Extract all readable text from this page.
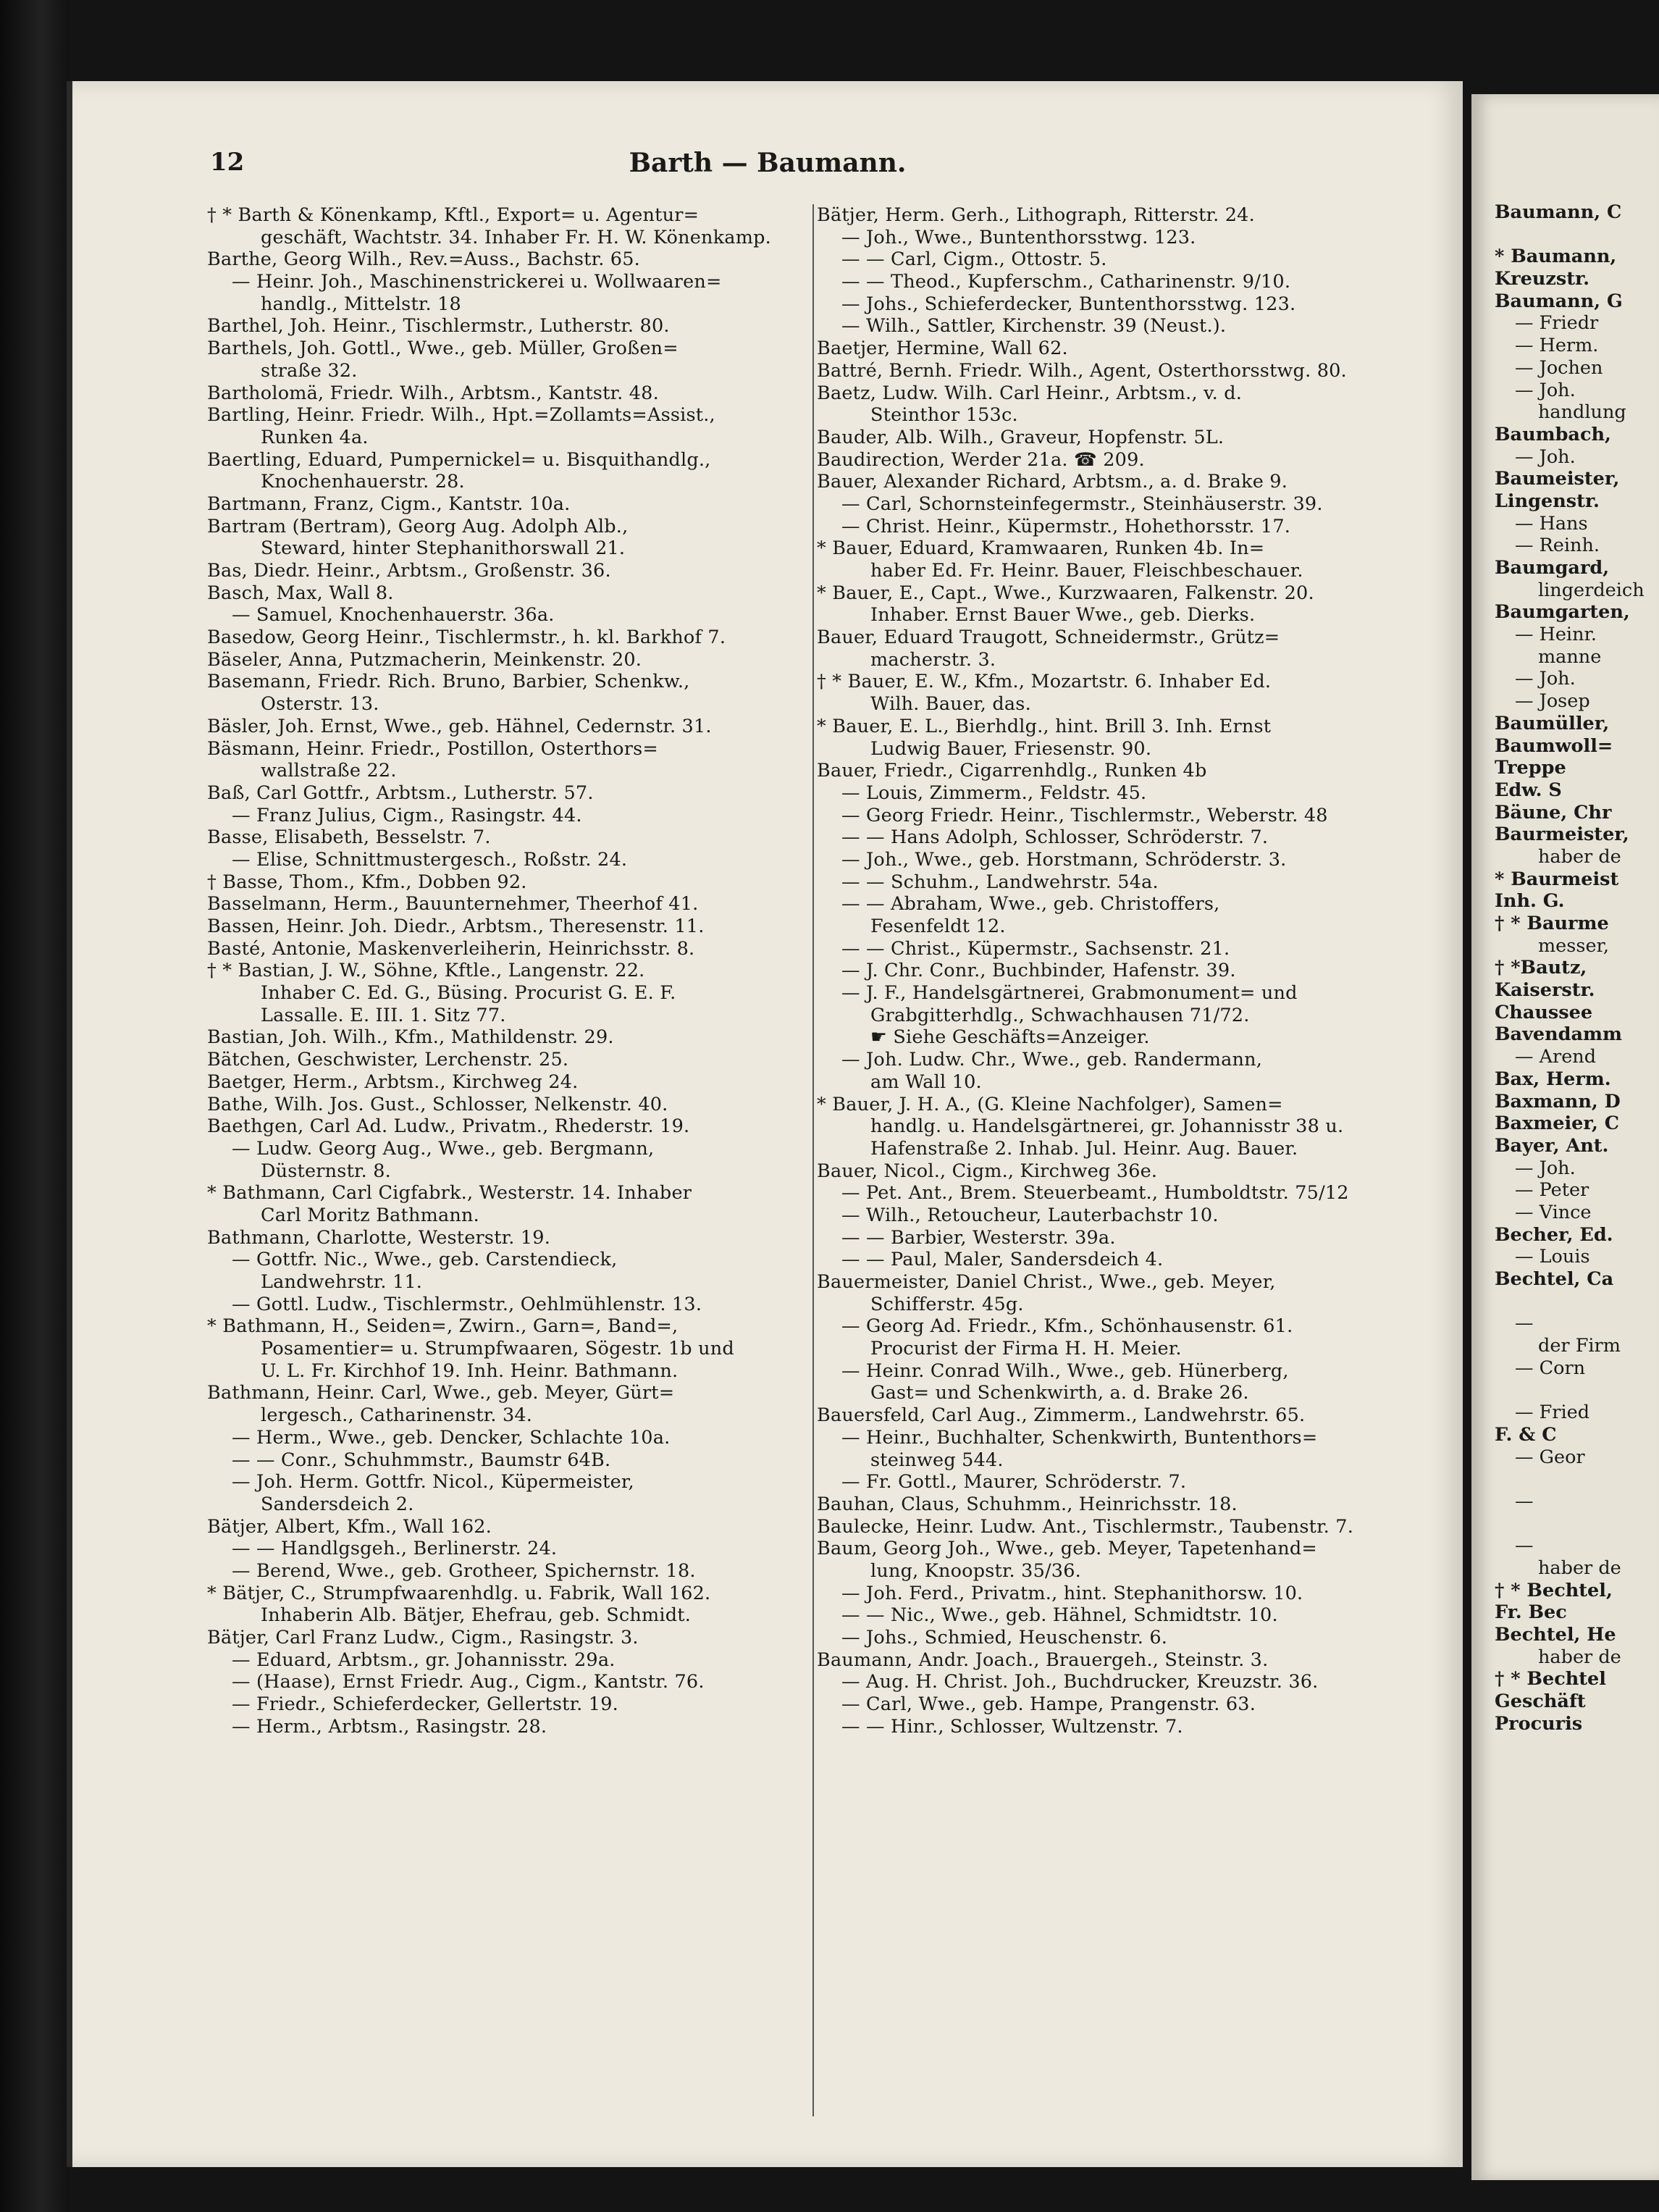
Baumann, C
* Baumann,
Kreuzstr.
Baumann, G
— Friedr
— Herm.
— Jochen
— Joh.
handlung
Baumbach,
— Joh.
Baumeister,
Lingenstr.
— Hans
— Reinh.
Baumgard,
lingerdeich
Baumgarten,
— Heinr.
manne
— Joh.
— Josep
Baumüller,
Baumwoll=
Treppe
Edw. S
Bäune, Chr
Baurmeister,
haber de
* Baurmeist
Inh. G.
† * Baurme
messer,
† *Bautz,
Kaiserstr.
Chaussee
Bavendamm
— Arend
Bax, Herm.
Baxmann, D
Baxmeier, C
Bayer, Ant.
— Joh.
— Peter
— Vince
Becher, Ed.
— Louis
Bechtel, Ca
—
der Firm
— Corn
— Fried
F. & C
— Geor
—
—
haber de
† * Bechtel,
Fr. Bec
Bechtel, He
haber de
† * Bechtel
Geschäft
Procuris
12	Barth — Baumann.
† * Barth & Könenkamp, Kftl., Export= u. Agentur=
geschäft, Wachtstr. 34. Inhaber Fr. H. W. Könenkamp.
Barthe, Georg Wilh., Rev.=Auss., Bachstr. 65.
— Heinr. Joh., Maschinenstrickerei u. Wollwaaren=
handlg., Mittelstr. 18
Barthel, Joh. Heinr., Tischlermstr., Lutherstr. 80.
Barthels, Joh. Gottl., Wwe., geb. Müller, Großen=
straße 32.
Bartholomä, Friedr. Wilh., Arbtsm., Kantstr. 48.
Bartling, Heinr. Friedr. Wilh., Hpt.=Zollamts=Assist.,
Runken 4a.
Baertling, Eduard, Pumpernickel= u. Bisquithandlg.,
Knochenhauerstr. 28.
Bartmann, Franz, Cigm., Kantstr. 10a.
Bartram (Bertram), Georg Aug. Adolph Alb.,
Steward, hinter Stephanithorswall 21.
Bas, Diedr. Heinr., Arbtsm., Großenstr. 36.
Basch, Max, Wall 8.
— Samuel, Knochenhauerstr. 36a.
Basedow, Georg Heinr., Tischlermstr., h. kl. Barkhof 7.
Bäseler, Anna, Putzmacherin, Meinkenstr. 20.
Basemann, Friedr. Rich. Bruno, Barbier, Schenkw.,
Osterstr. 13.
Bäsler, Joh. Ernst, Wwe., geb. Hähnel, Cedernstr. 31.
Bäsmann, Heinr. Friedr., Postillon, Osterthors=
wallstraße 22.
Baß, Carl Gottfr., Arbtsm., Lutherstr. 57.
— Franz Julius, Cigm., Rasingstr. 44.
Basse, Elisabeth, Besselstr. 7.
— Elise, Schnittmustergesch., Roßstr. 24.
† Basse, Thom., Kfm., Dobben 92.
Basselmann, Herm., Bauunternehmer, Theerhof 41.
Bassen, Heinr. Joh. Diedr., Arbtsm., Theresenstr. 11.
Basté, Antonie, Maskenverleiherin, Heinrichsstr. 8.
† * Bastian, J. W., Söhne, Kftle., Langenstr. 22.
Inhaber C. Ed. G., Büsing. Procurist G. E. F.
Lassalle. E. III. 1. Sitz 77.
Bastian, Joh. Wilh., Kfm., Mathildenstr. 29.
Bätchen, Geschwister, Lerchenstr. 25.
Baetger, Herm., Arbtsm., Kirchweg 24.
Bathe, Wilh. Jos. Gust., Schlosser, Nelkenstr. 40.
Baethgen, Carl Ad. Ludw., Privatm., Rhederstr. 19.
— Ludw. Georg Aug., Wwe., geb. Bergmann,
Düsternstr. 8.
* Bathmann, Carl Cigfabrk., Westerstr. 14. Inhaber
Carl Moritz Bathmann.
Bathmann, Charlotte, Westerstr. 19.
— Gottfr. Nic., Wwe., geb. Carstendieck,
Landwehrstr. 11.
— Gottl. Ludw., Tischlermstr., Oehlmühlenstr. 13.
* Bathmann, H., Seiden=, Zwirn., Garn=, Band=,
Posamentier= u. Strumpfwaaren, Sögestr. 1b und
U. L. Fr. Kirchhof 19. Inh. Heinr. Bathmann.
Bathmann, Heinr. Carl, Wwe., geb. Meyer, Gürt=
lergesch., Catharinenstr. 34.
— Herm., Wwe., geb. Dencker, Schlachte 10a.
— — Conr., Schuhmmstr., Baumstr 64B.
— Joh. Herm. Gottfr. Nicol., Küpermeister,
Sandersdeich 2.
Bätjer, Albert, Kfm., Wall 162.
— — Handlgsgeh., Berlinerstr. 24.
— Berend, Wwe., geb. Grotheer, Spichernstr. 18.
* Bätjer, C., Strumpfwaarenhdlg. u. Fabrik, Wall 162.
Inhaberin Alb. Bätjer, Ehefrau, geb. Schmidt.
Bätjer, Carl Franz Ludw., Cigm., Rasingstr. 3.
— Eduard, Arbtsm., gr. Johannisstr. 29a.
— (Haase), Ernst Friedr. Aug., Cigm., Kantstr. 76.
— Friedr., Schieferdecker, Gellertstr. 19.
— Herm., Arbtsm., Rasingstr. 28.
Bätjer, Herm. Gerh., Lithograph, Ritterstr. 24.
— Joh., Wwe., Buntenthorsstwg. 123.
— — Carl, Cigm., Ottostr. 5.
— — Theod., Kupferschm., Catharinenstr. 9/10.
— Johs., Schieferdecker, Buntenthorsstwg. 123.
— Wilh., Sattler, Kirchenstr. 39 (Neust.).
Baetjer, Hermine, Wall 62.
Battré, Bernh. Friedr. Wilh., Agent, Osterthorsstwg. 80.
Baetz, Ludw. Wilh. Carl Heinr., Arbtsm., v. d.
Steinthor 153c.
Bauder, Alb. Wilh., Graveur, Hopfenstr. 5L.
Baudirection, Werder 21a. ☎ 209.
Bauer, Alexander Richard, Arbtsm., a. d. Brake 9.
— Carl, Schornsteinfegermstr., Steinhäuserstr. 39.
— Christ. Heinr., Küpermstr., Hohethorsstr. 17.
* Bauer, Eduard, Kramwaaren, Runken 4b. In=
haber Ed. Fr. Heinr. Bauer, Fleischbeschauer.
* Bauer, E., Capt., Wwe., Kurzwaaren, Falkenstr. 20.
Inhaber. Ernst Bauer Wwe., geb. Dierks.
Bauer, Eduard Traugott, Schneidermstr., Grütz=
macherstr. 3.
† * Bauer, E. W., Kfm., Mozartstr. 6. Inhaber Ed.
Wilh. Bauer, das.
* Bauer, E. L., Bierhdlg., hint. Brill 3. Inh. Ernst
Ludwig Bauer, Friesenstr. 90.
Bauer, Friedr., Cigarrenhdlg., Runken 4b
— Louis, Zimmerm., Feldstr. 45.
— Georg Friedr. Heinr., Tischlermstr., Weberstr. 48
— — Hans Adolph, Schlosser, Schröderstr. 7.
— Joh., Wwe., geb. Horstmann, Schröderstr. 3.
— — Schuhm., Landwehrstr. 54a.
— — Abraham, Wwe., geb. Christoffers,
Fesenfeldt 12.
— — Christ., Küpermstr., Sachsenstr. 21.
— J. Chr. Conr., Buchbinder, Hafenstr. 39.
— J. F., Handelsgärtnerei, Grabmonument= und
Grabgitterhdlg., Schwachhausen 71/72.
☛ Siehe Geschäfts=Anzeiger.
— Joh. Ludw. Chr., Wwe., geb. Randermann,
am Wall 10.
* Bauer, J. H. A., (G. Kleine Nachfolger), Samen=
handlg. u. Handelsgärtnerei, gr. Johannisstr 38 u.
Hafenstraße 2. Inhab. Jul. Heinr. Aug. Bauer.
Bauer, Nicol., Cigm., Kirchweg 36e.
— Pet. Ant., Brem. Steuerbeamt., Humboldtstr. 75/12
— Wilh., Retoucheur, Lauterbachstr 10.
— — Barbier, Westerstr. 39a.
— — Paul, Maler, Sandersdeich 4.
Bauermeister, Daniel Christ., Wwe., geb. Meyer,
Schifferstr. 45g.
— Georg Ad. Friedr., Kfm., Schönhausenstr. 61.
Procurist der Firma H. H. Meier.
— Heinr. Conrad Wilh., Wwe., geb. Hünerberg,
Gast= und Schenkwirth, a. d. Brake 26.
Bauersfeld, Carl Aug., Zimmerm., Landwehrstr. 65.
— Heinr., Buchhalter, Schenkwirth, Buntenthors=
steinweg 544.
— Fr. Gottl., Maurer, Schröderstr. 7.
Bauhan, Claus, Schuhmm., Heinrichsstr. 18.
Baulecke, Heinr. Ludw. Ant., Tischlermstr., Taubenstr. 7.
Baum, Georg Joh., Wwe., geb. Meyer, Tapetenhand=
lung, Knoopstr. 35/36.
— Joh. Ferd., Privatm., hint. Stephanithorsw. 10.
— — Nic., Wwe., geb. Hähnel, Schmidtstr. 10.
— Johs., Schmied, Heuschenstr. 6.
Baumann, Andr. Joach., Brauergeh., Steinstr. 3.
— Aug. H. Christ. Joh., Buchdrucker, Kreuzstr. 36.
— Carl, Wwe., geb. Hampe, Prangenstr. 63.
— — Hinr., Schlosser, Wultzenstr. 7.
